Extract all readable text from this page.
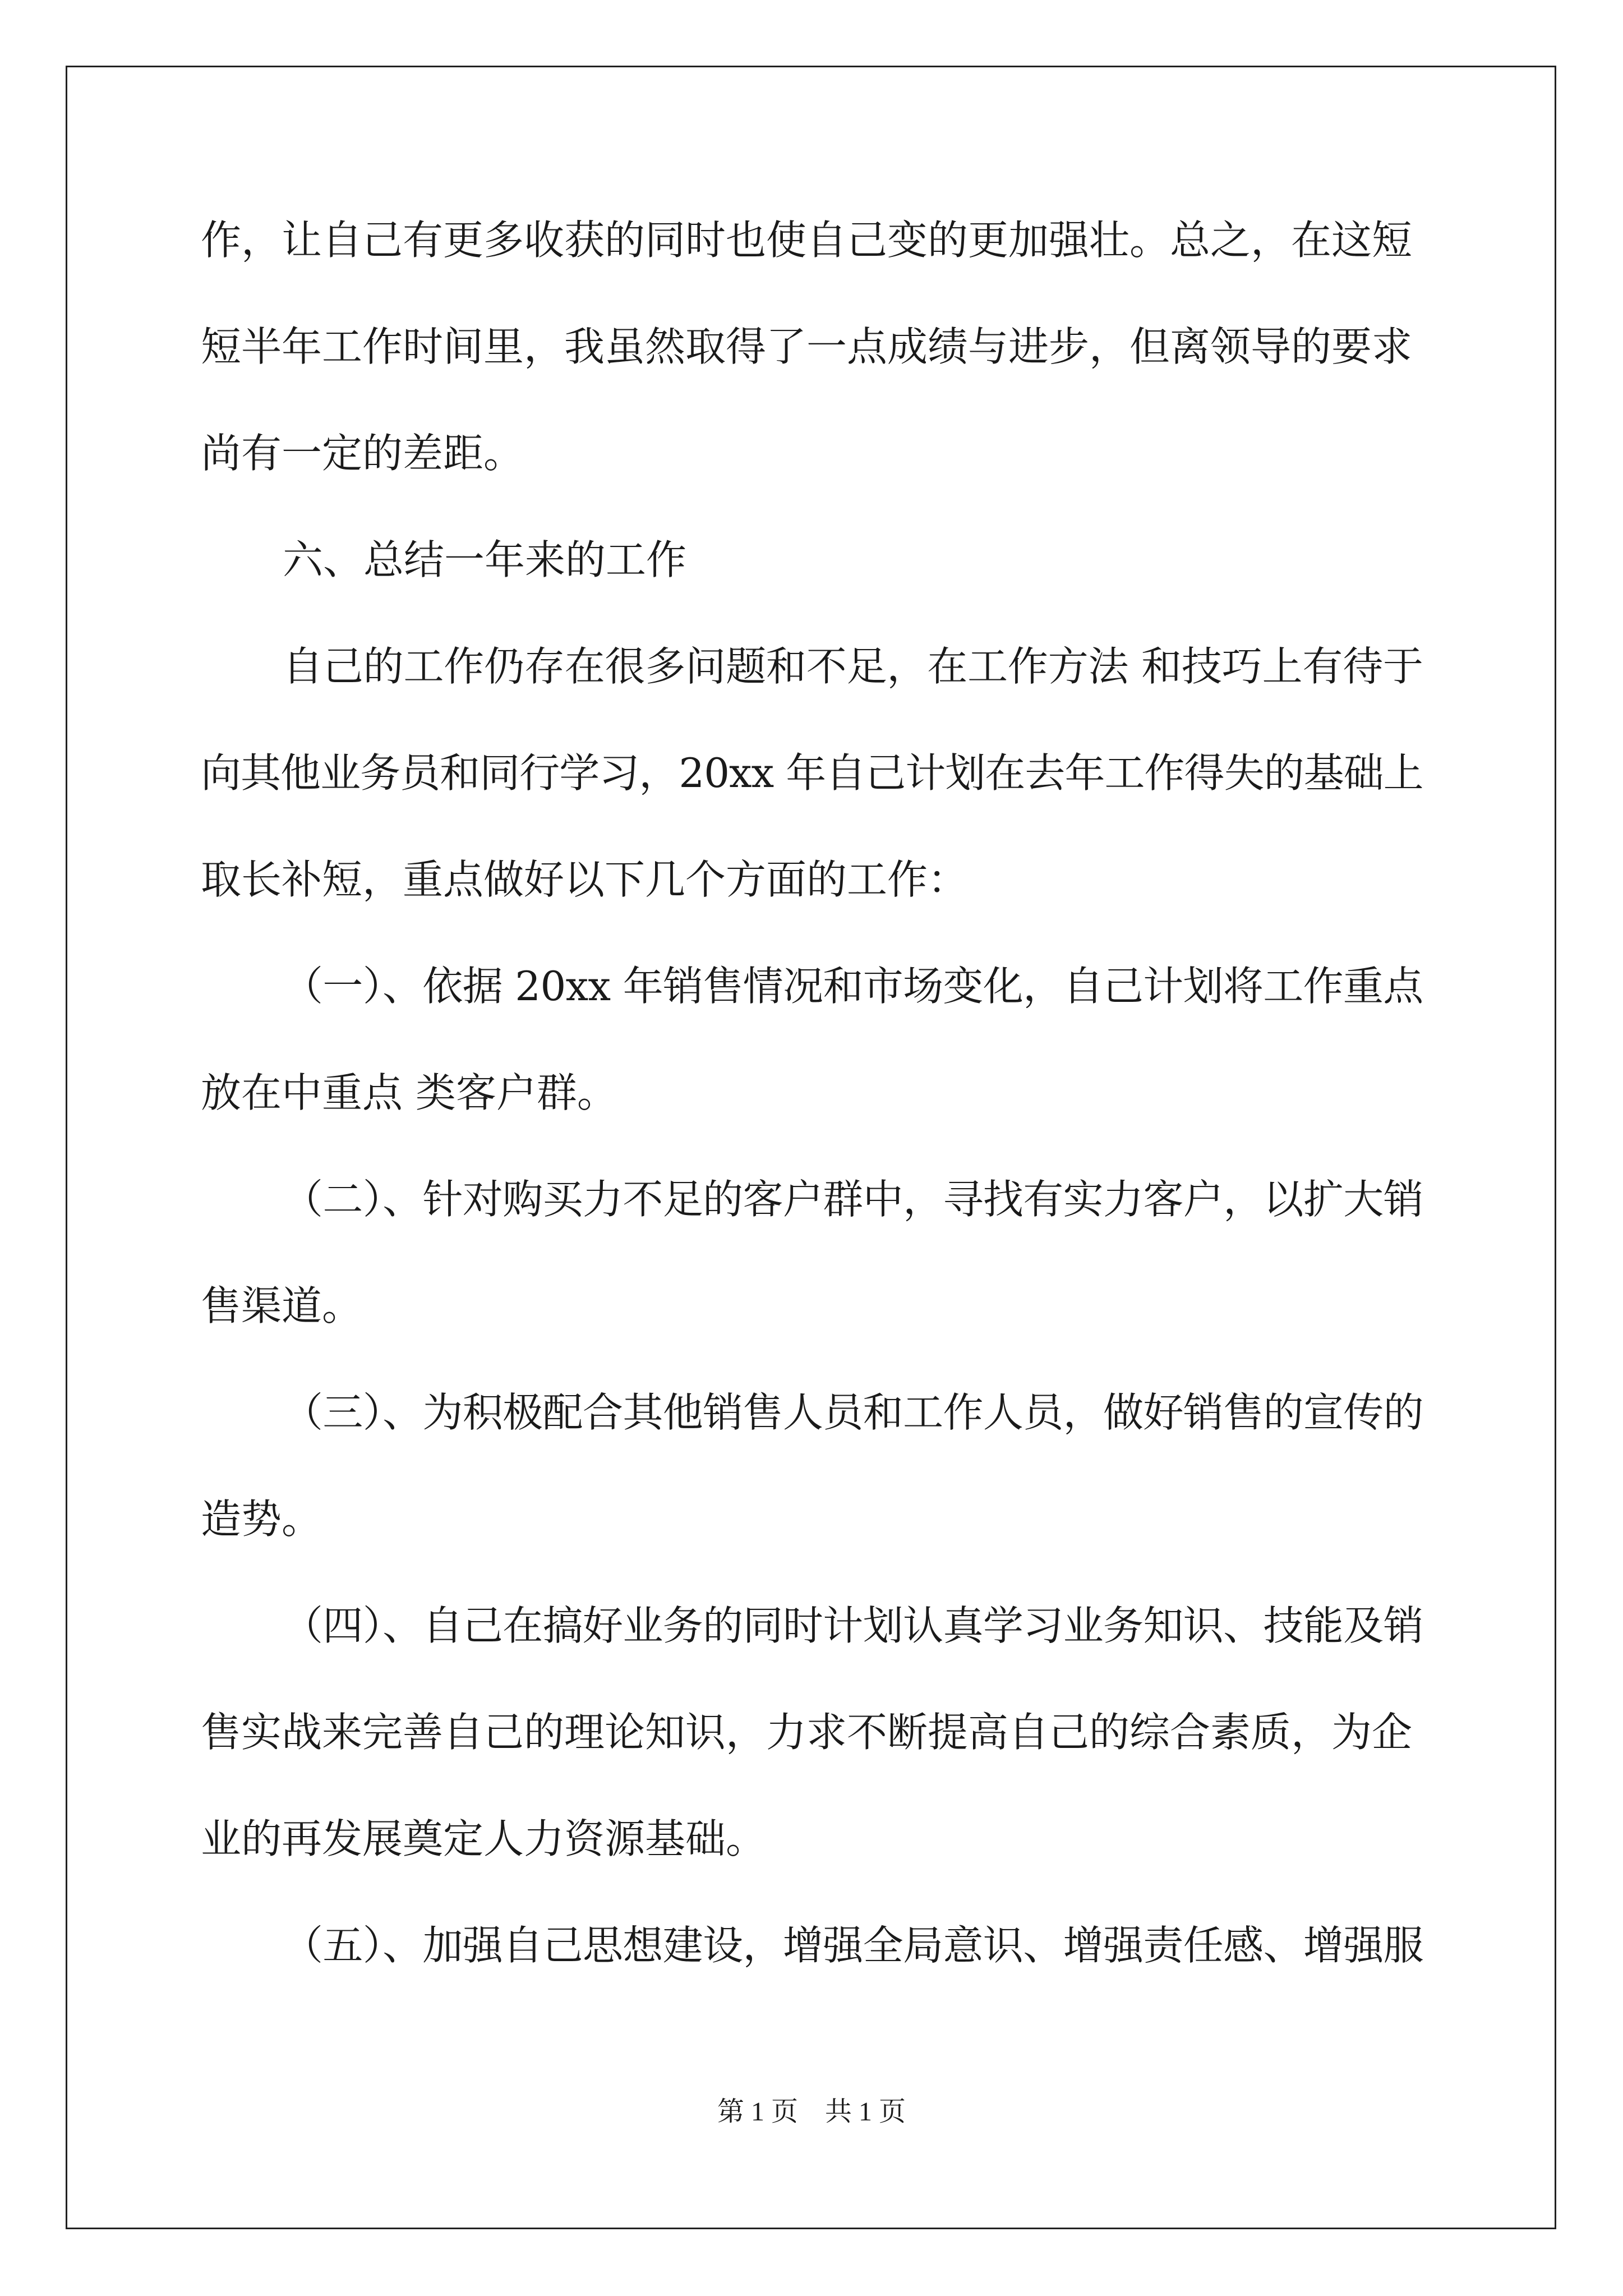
作，让自己有更多收获的同时也使自己变的更加强壮。总之，在这短
短半年工作时间里，我虽然取得了一点成绩与进步，但离领导的要求
尚有一定的差距。
六、总结一年来的工作
自己的工作仍存在很多问题和不足，在工作方法 和技巧上有待于
向其他业务员和同行学习，20xx 年自己计划在去年工作得失的基础上
取长补短，重点做好以下几个方面的工作：
（一）、依据 20xx 年销售情况和市场变化，自己计划将工作重点
放在中重点 类客户群。
（二）、针对购买力不足的客户群中，寻找有实力客户，以扩大销
售渠道。
（三）、为积极配合其他销售人员和工作人员，做好销售的宣传的
造势。
（四）、自己在搞好业务的同时计划认真学习业务知识、技能及销
售实战来完善自己的理论知识，力求不断提高自己的综合素质，为企
业的再发展奠定人力资源基础。
（五）、加强自己思想建设，增强全局意识、增强责任感、增强服
第 1 页　共 1 页
